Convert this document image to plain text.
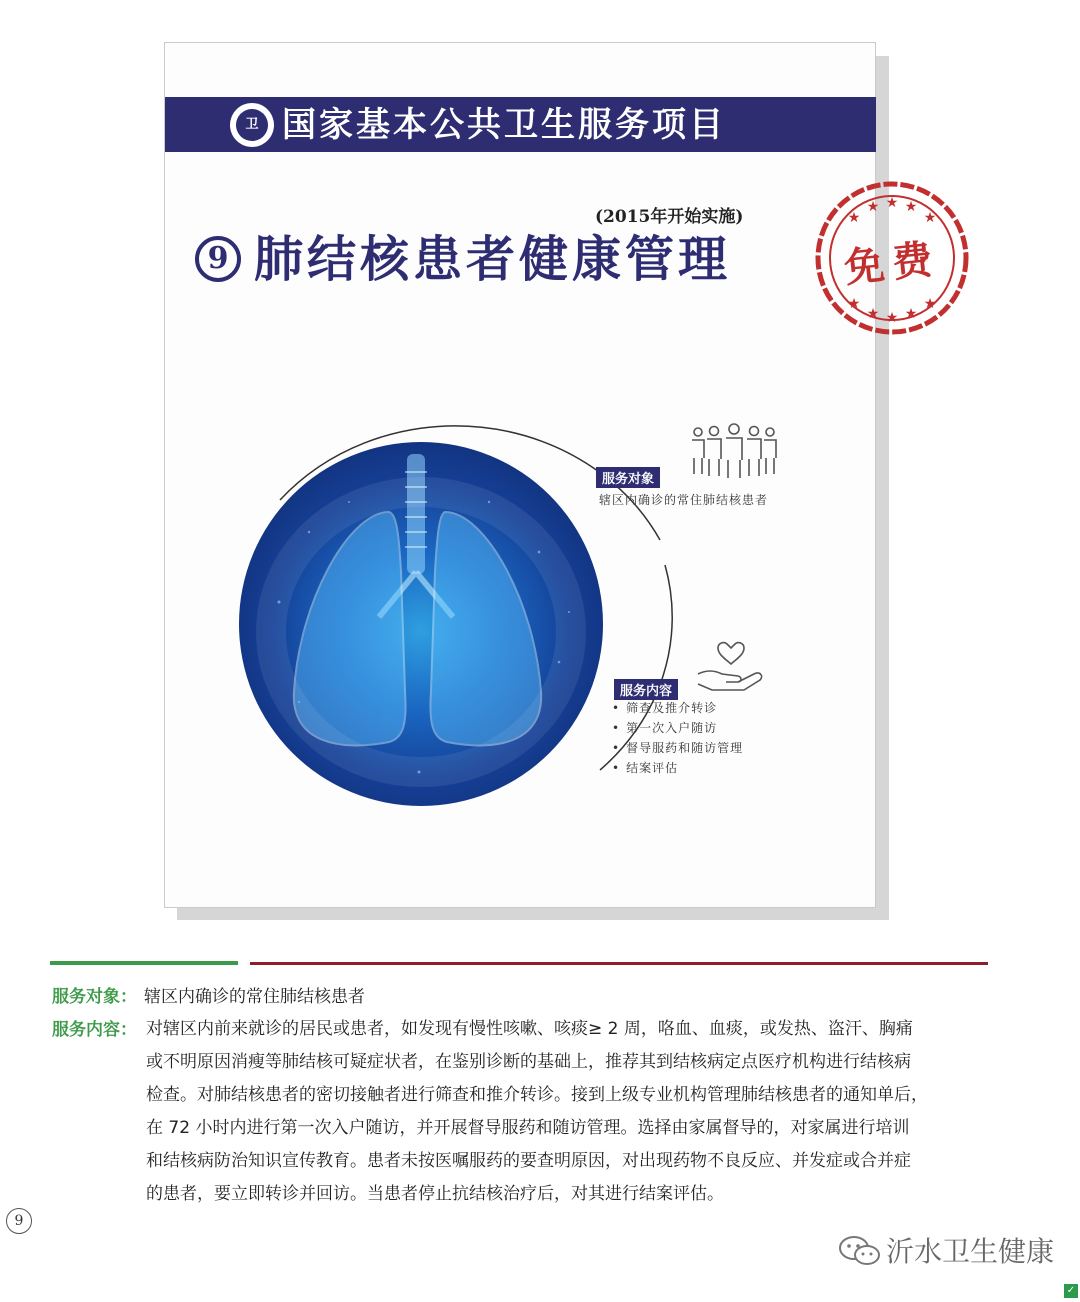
卫 国家基本公共卫生服务项目
(2015年开始实施)
9 肺结核患者健康管理
★
★ ★ ★
★
★
★ ★ ★
★
免费
服务对象
辖区内确诊的常住肺结核患者
服务内容
• 筛查及推介转诊
• 第一次入户随访
• 督导服药和随访管理
• 结案评估
服务对象： 辖区内确诊的常住肺结核患者
服务内容： 对辖区内前来就诊的居民或患者，如发现有慢性咳嗽、咳痰≥ 2 周，咯血、血痰，或发热、盗汗、胸痛
或不明原因消瘦等肺结核可疑症状者，在鉴别诊断的基础上，推荐其到结核病定点医疗机构进行结核病
检查。对肺结核患者的密切接触者进行筛查和推介转诊。接到上级专业机构管理肺结核患者的通知单后，
在 72 小时内进行第一次入户随访，并开展督导服药和随访管理。选择由家属督导的，对家属进行培训
和结核病防治知识宣传教育。患者未按医嘱服药的要查明原因，对出现药物不良反应、并发症或合并症
的患者，要立即转诊并回访。当患者停止抗结核治疗后，对其进行结案评估。
9
沂水卫生健康
✓
